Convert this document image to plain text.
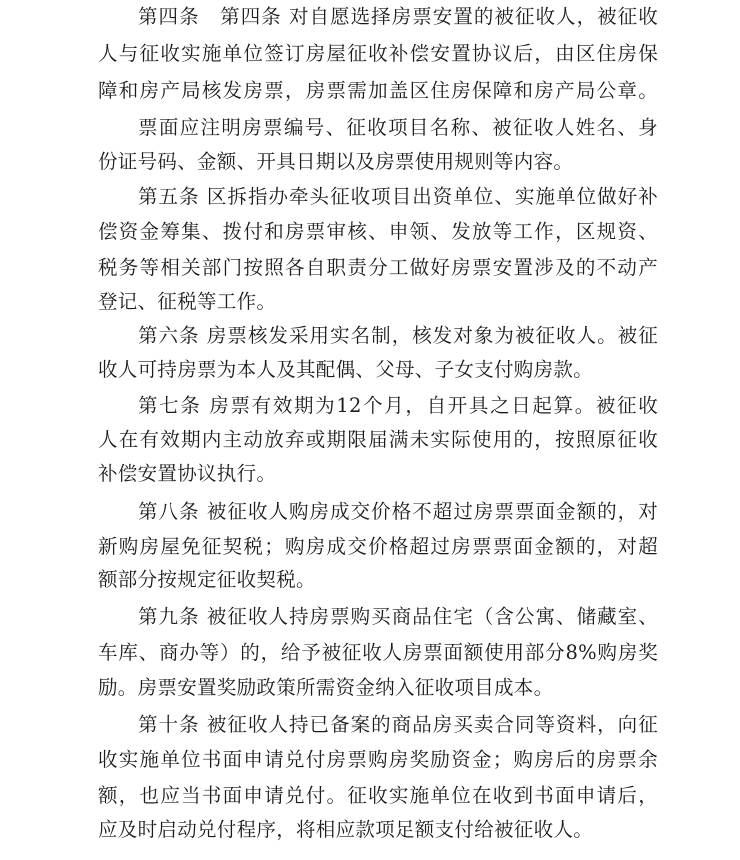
第四条　第四条 对自愿选择房票安置的被征收人，被征收
人与征收实施单位签订房屋征收补偿安置协议后，由区住房保
障和房产局核发房票，房票需加盖区住房保障和房产局公章。
票面应注明房票编号、征收项目名称、被征收人姓名、身
份证号码、金额、开具日期以及房票使用规则等内容。
第五条 区拆指办牵头征收项目出资单位、实施单位做好补
偿资金筹集、拨付和房票审核、申领、发放等工作，区规资、
税务等相关部门按照各自职责分工做好房票安置涉及的不动产
登记、征税等工作。
第六条 房票核发采用实名制，核发对象为被征收人。被征
收人可持房票为本人及其配偶、父母、子女支付购房款。
第七条 房票有效期为12个月，自开具之日起算。被征收
人在有效期内主动放弃或期限届满未实际使用的，按照原征收
补偿安置协议执行。
第八条 被征收人购房成交价格不超过房票票面金额的，对
新购房屋免征契税；购房成交价格超过房票票面金额的，对超
额部分按规定征收契税。
第九条 被征收人持房票购买商品住宅（含公寓、储藏室、
车库、商办等）的，给予被征收人房票面额使用部分8%购房奖
励。房票安置奖励政策所需资金纳入征收项目成本。
第十条 被征收人持已备案的商品房买卖合同等资料，向征
收实施单位书面申请兑付房票购房奖励资金；购房后的房票余
额，也应当书面申请兑付。征收实施单位在收到书面申请后，
应及时启动兑付程序，将相应款项足额支付给被征收人。
